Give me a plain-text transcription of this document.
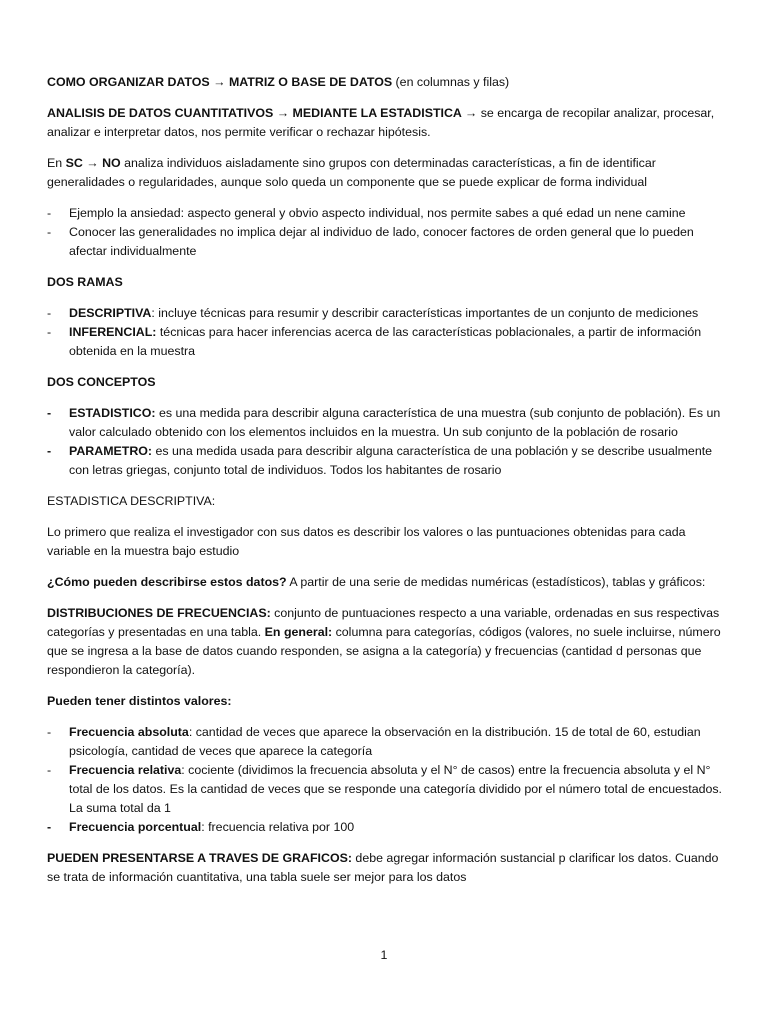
COMO ORGANIZAR DATOS → MATRIZ O BASE DE DATOS (en columnas y filas)

ANALISIS DE DATOS CUANTITATIVOS → MEDIANTE LA ESTADISTICA → se encarga de recopilar analizar, procesar, analizar e interpretar datos, nos permite verificar o rechazar hipótesis.

En SC → NO analiza individuos aisladamente sino grupos con determinadas características, a fin de identificar generalidades o regularidades, aunque solo queda un componente que se puede explicar de forma individual

- Ejemplo la ansiedad: aspecto general y obvio aspecto individual, nos permite sabes a qué edad un nene camine
- Conocer las generalidades no implica dejar al individuo de lado, conocer factores de orden general que lo pueden afectar individualmente

DOS RAMAS

- DESCRIPTIVA: incluye técnicas para resumir y describir características importantes de un conjunto de mediciones
- INFERENCIAL: técnicas para hacer inferencias acerca de las características poblacionales, a partir de información obtenida en la muestra

DOS CONCEPTOS

- ESTADISTICO: es una medida para describir alguna característica de una muestra (sub conjunto de población). Es un valor calculado obtenido con los elementos incluidos en la muestra. Un sub conjunto de la población de rosario
- PARAMETRO: es una medida usada para describir alguna característica de una población y se describe usualmente con letras griegas, conjunto total de individuos. Todos los habitantes de rosario

ESTADISTICA DESCRIPTIVA:

Lo primero que realiza el investigador con sus datos es describir los valores o las puntuaciones obtenidas para cada variable en la muestra bajo estudio

¿Cómo pueden describirse estos datos? A partir de una serie de medidas numéricas (estadísticos), tablas y gráficos:

DISTRIBUCIONES DE FRECUENCIAS: conjunto de puntuaciones respecto a una variable, ordenadas en sus respectivas categorías y presentadas en una tabla. En general: columna para categorías, códigos (valores, no suele incluirse, número que se ingresa a la base de datos cuando responden, se asigna a la categoría) y frecuencias (cantidad d personas que respondieron la categoría).

Pueden tener distintos valores:

- Frecuencia absoluta: cantidad de veces que aparece la observación en la distribución. 15 de total de 60, estudian psicología, cantidad de veces que aparece la categoría
- Frecuencia relativa: cociente (dividimos la frecuencia absoluta y el N° de casos) entre la frecuencia absoluta y el N° total de los datos. Es la cantidad de veces que se responde una categoría dividido por el número total de encuestados. La suma total da 1
- Frecuencia porcentual: frecuencia relativa por 100

PUEDEN PRESENTARSE A TRAVES DE GRAFICOS: debe agregar información sustancial p clarificar los datos. Cuando se trata de información cuantitativa, una tabla suele ser mejor para los datos

1
